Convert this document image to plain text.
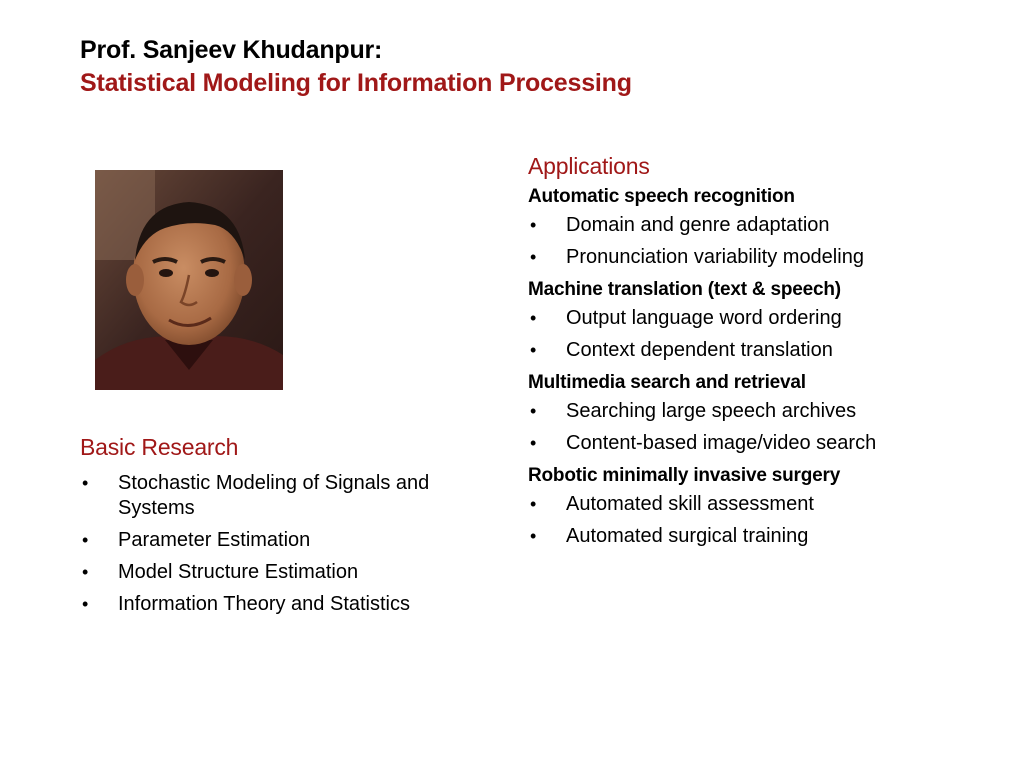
Prof. Sanjeev Khudanpur:
Statistical Modeling for Information Processing
Basic Research
• Stochastic Modeling of Signals and Systems
• Parameter Estimation
• Model Structure Estimation
• Information Theory and Statistics
Applications
Automatic speech recognition
• Domain and genre adaptation
• Pronunciation variability modeling
Machine translation (text & speech)
• Output language word ordering
• Context dependent translation
Multimedia search and retrieval
• Searching large speech archives
• Content-based image/video search
Robotic minimally invasive surgery
• Automated skill assessment
• Automated surgical training
